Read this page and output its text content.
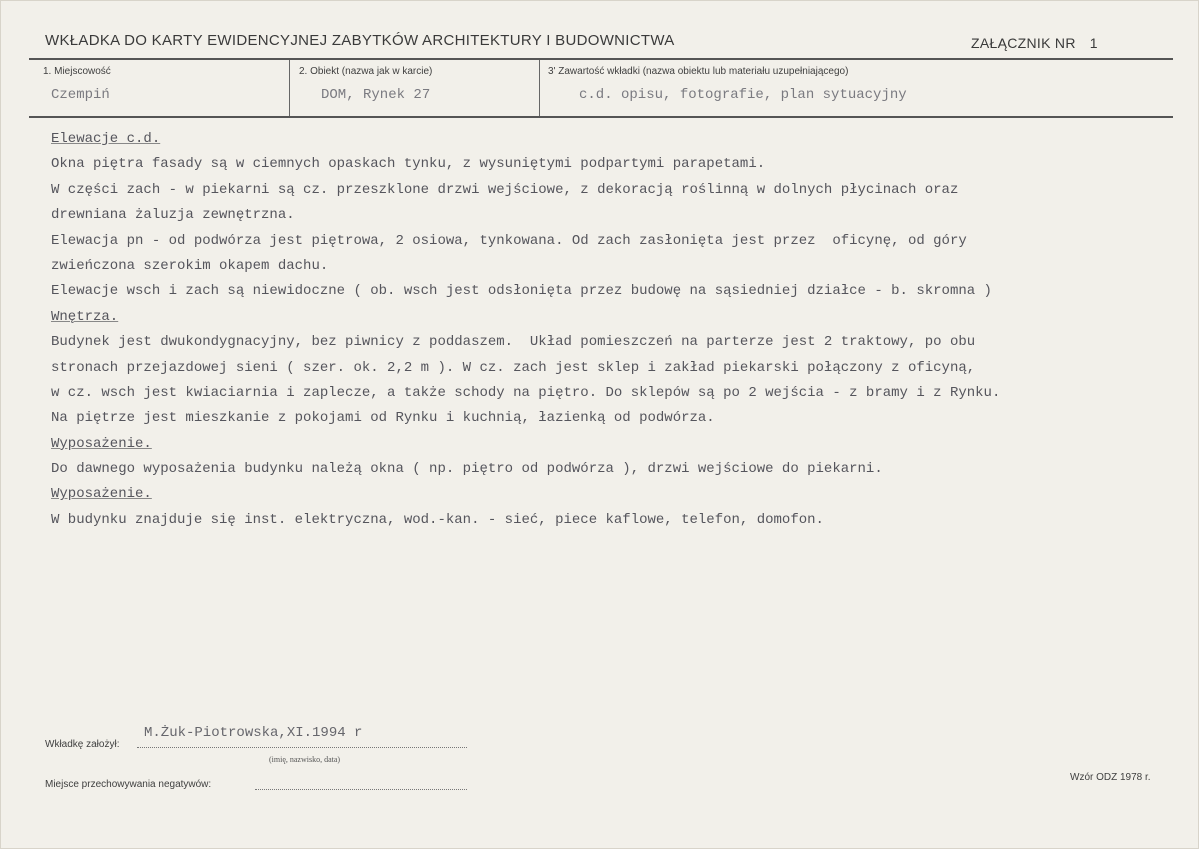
WKŁADKA DO KARTY EWIDENCYJNEJ ZABYTKÓW ARCHITEKTURY I BUDOWNICTWA	ZAŁĄCZNIK NR 1
1. Miejscowość
Czempiń
2. Obiekt (nazwa jak w karcie)
DOM, Rynek 27
3' Zawartość wkładki (nazwa obiektu lub materiału uzupełniającego)
c.d. opisu, fotografie, plan sytuacyjny
Elewacje c.d.
Okna piętra fasady są w ciemnych opaskach tynku, z wysuniętymi podpartymi parapetami.
W części zach - w piekarni są cz. przeszklone drzwi wejściowe, z dekoracją roślinną w dolnych płycinach oraz
drewniana żaluzja zewnętrzna.
Elewacja pn - od podwórza jest piętrowa, 2 osiowa, tynkowana. Od zach zasłonięta jest przez  oficynę, od góry
zwieńczona szerokim okapem dachu.
Elewacje wsch i zach są niewidoczne ( ob. wsch jest odsłonięta przez budowę na sąsiedniej działce - b. skromna )
Wnętrza.
Budynek jest dwukondygnacyjny, bez piwnicy z poddaszem.  Układ pomieszczeń na parterze jest 2 traktowy, po obu
stronach przejazdowej sieni ( szer. ok. 2,2 m ). W cz. zach jest sklep i zakład piekarski połączony z oficyną,
w cz. wsch jest kwiaciarnia i zaplecze, a także schody na piętro. Do sklepów są po 2 wejścia - z bramy i z Rynku.
Na piętrze jest mieszkanie z pokojami od Rynku i kuchnią, łazienką od podwórza.
Wyposażenie.
Do dawnego wyposażenia budynku należą okna ( np. piętro od podwórza ), drzwi wejściowe do piekarni.
Wyposażenie.
W budynku znajduje się inst. elektryczna, wod.-kan. - sieć, piece kaflowe, telefon, domofon.
Wkładkę założył:
M.Żuk-Piotrowska,XI.1994 r
(imię, nazwisko, data)
Miejsce przechowywania negatywów:
Wzór ODZ 1978 r.
